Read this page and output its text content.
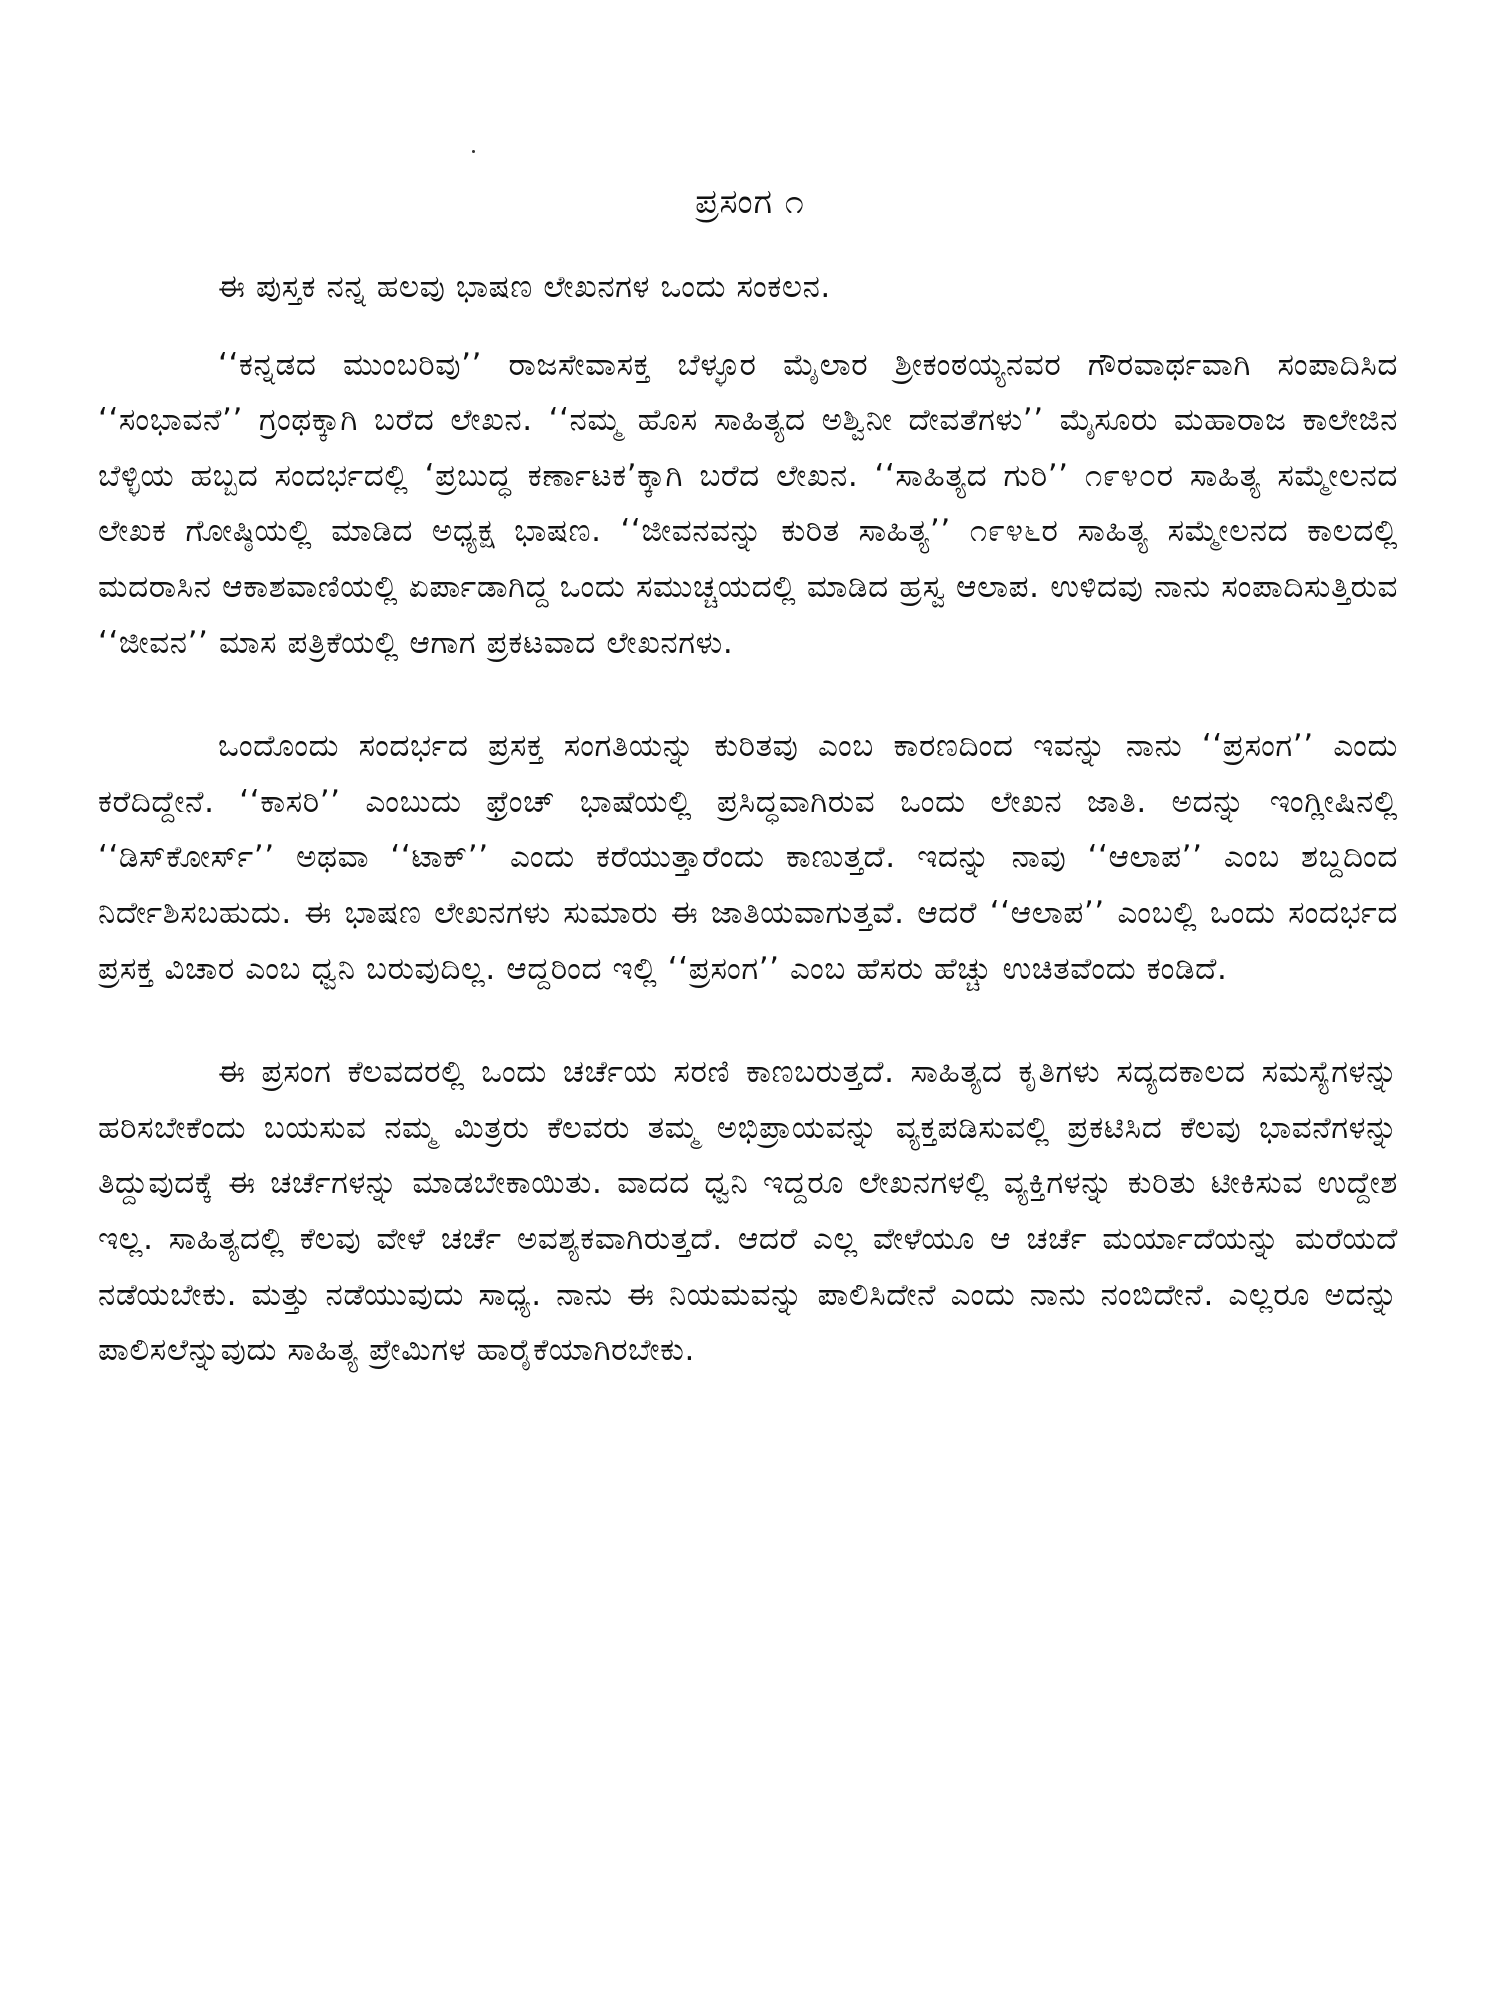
ಪ್ರಸಂಗ ೧

ಈ ಪುಸ್ತಕ ನನ್ನ ಹಲವು ಭಾಷಣ ಲೇಖನಗಳ ಒಂದು ಸಂಕಲನ.

‘‘ಕನ್ನಡದ ಮುಂಬರಿವು’’ ರಾಜಸೇವಾಸಕ್ತ ಬೆಳ್ಳೂರ ಮೈಲಾರ ಶ್ರೀಕಂಠಯ್ಯನವರ ಗೌರವಾರ್ಥವಾಗಿ ಸಂಪಾದಿಸಿದ ‘‘ಸಂಭಾವನೆ’’ ಗ್ರಂಥಕ್ಕಾಗಿ ಬರೆದ ಲೇಖನ. ‘‘ನಮ್ಮ ಹೊಸ ಸಾಹಿತ್ಯದ ಅಶ್ವಿನೀ ದೇವತೆಗಳು’’ ಮೈಸೂರು ಮಹಾರಾಜ ಕಾಲೇಜಿನ ಬೆಳ್ಳಿಯ ಹಬ್ಬದ ಸಂದರ್ಭದಲ್ಲಿ ‘ಪ್ರಬುದ್ಧ ಕರ್ಣಾಟಕ’ಕ್ಕಾಗಿ ಬರೆದ ಲೇಖನ. ‘‘ಸಾಹಿತ್ಯದ ಗುರಿ’’ ೧೯೪೦ರ ಸಾಹಿತ್ಯ ಸಮ್ಮೇಲನದ ಲೇಖಕ ಗೋಷ್ಠಿಯಲ್ಲಿ ಮಾಡಿದ ಅಧ್ಯಕ್ಷ ಭಾಷಣ. ‘‘ಜೀವನವನ್ನು ಕುರಿತ ಸಾಹಿತ್ಯ’’ ೧೯೪೬ರ ಸಾಹಿತ್ಯ ಸಮ್ಮೇಲನದ ಕಾಲದಲ್ಲಿ ಮದರಾಸಿನ ಆಕಾಶವಾಣಿಯಲ್ಲಿ ಏರ್ಪಾಡಾಗಿದ್ದ ಒಂದು ಸಮುಚ್ಚಯದಲ್ಲಿ ಮಾಡಿದ ಹ್ರಸ್ವ ಆಲಾಪ. ಉಳಿದವು ನಾನು ಸಂಪಾದಿಸುತ್ತಿರುವ ‘‘ಜೀವನ’’ ಮಾಸ ಪತ್ರಿಕೆಯಲ್ಲಿ ಆಗಾಗ ಪ್ರಕಟವಾದ ಲೇಖನಗಳು.

ಒಂದೊಂದು ಸಂದರ್ಭದ ಪ್ರಸಕ್ತ ಸಂಗತಿಯನ್ನು ಕುರಿತವು ಎಂಬ ಕಾರಣದಿಂದ ಇವನ್ನು ನಾನು ‘‘ಪ್ರಸಂಗ’’ ಎಂದು ಕರೆದಿದ್ದೇನೆ. ‘‘ಕಾಸರಿ’’ ಎಂಬುದು ಫ್ರೆಂಚ್ ಭಾಷೆಯಲ್ಲಿ ಪ್ರಸಿದ್ಧವಾಗಿರುವ ಒಂದು ಲೇಖನ ಜಾತಿ. ಅದನ್ನು ಇಂಗ್ಲೀಷಿನಲ್ಲಿ ‘‘ಡಿಸ್‌ಕೋರ್ಸ್’’ ಅಥವಾ ‘‘ಟಾಕ್’’ ಎಂದು ಕರೆಯುತ್ತಾರೆಂದು ಕಾಣುತ್ತದೆ. ಇದನ್ನು ನಾವು ‘‘ಆಲಾಪ’’ ಎಂಬ ಶಬ್ದದಿಂದ ನಿರ್ದೇಶಿಸಬಹುದು. ಈ ಭಾಷಣ ಲೇಖನಗಳು ಸುಮಾರು ಈ ಜಾತಿಯವಾಗುತ್ತವೆ. ಆದರೆ ‘‘ಆಲಾಪ’’ ಎಂಬಲ್ಲಿ ಒಂದು ಸಂದರ್ಭದ ಪ್ರಸಕ್ತ ವಿಚಾರ ಎಂಬ ಧ್ವನಿ ಬರುವುದಿಲ್ಲ. ಆದ್ದರಿಂದ ಇಲ್ಲಿ ‘‘ಪ್ರಸಂಗ’’ ಎಂಬ ಹೆಸರು ಹೆಚ್ಚು ಉಚಿತವೆಂದು ಕಂಡಿದೆ.

ಈ ಪ್ರಸಂಗ ಕೆಲವದರಲ್ಲಿ ಒಂದು ಚರ್ಚೆಯ ಸರಣಿ ಕಾಣಬರುತ್ತದೆ. ಸಾಹಿತ್ಯದ ಕೃತಿಗಳು ಸದ್ಯದಕಾಲದ ಸಮಸ್ಯೆಗಳನ್ನು ಹರಿಸಬೇಕೆಂದು ಬಯಸುವ ನಮ್ಮ ಮಿತ್ರರು ಕೆಲವರು ತಮ್ಮ ಅಭಿಪ್ರಾಯವನ್ನು ವ್ಯಕ್ತಪಡಿಸುವಲ್ಲಿ ಪ್ರಕಟಿಸಿದ ಕೆಲವು ಭಾವನೆಗಳನ್ನು ತಿದ್ದುವುದಕ್ಕೆ ಈ ಚರ್ಚೆಗಳನ್ನು ಮಾಡಬೇಕಾಯಿತು. ವಾದದ ಧ್ವನಿ ಇದ್ದರೂ ಲೇಖನಗಳಲ್ಲಿ ವ್ಯಕ್ತಿಗಳನ್ನು ಕುರಿತು ಟೀಕಿಸುವ ಉದ್ದೇಶ ಇಲ್ಲ. ಸಾಹಿತ್ಯದಲ್ಲಿ ಕೆಲವು ವೇಳೆ ಚರ್ಚೆ ಅವಶ್ಯಕವಾಗಿರುತ್ತದೆ. ಆದರೆ ಎಲ್ಲ ವೇಳೆಯೂ ಆ ಚರ್ಚೆ ಮರ್ಯಾದೆಯನ್ನು ಮರೆಯದೆ ನಡೆಯಬೇಕು. ಮತ್ತು ನಡೆಯುವುದು ಸಾಧ್ಯ. ನಾನು ಈ ನಿಯಮವನ್ನು ಪಾಲಿಸಿದೇನೆ ಎಂದು ನಾನು ನಂಬಿದೇನೆ. ಎಲ್ಲರೂ ಅದನ್ನು ಪಾಲಿಸಲೆನ್ನುವುದು ಸಾಹಿತ್ಯ ಪ್ರೇಮಿಗಳ ಹಾರೈಕೆಯಾಗಿರಬೇಕು.
